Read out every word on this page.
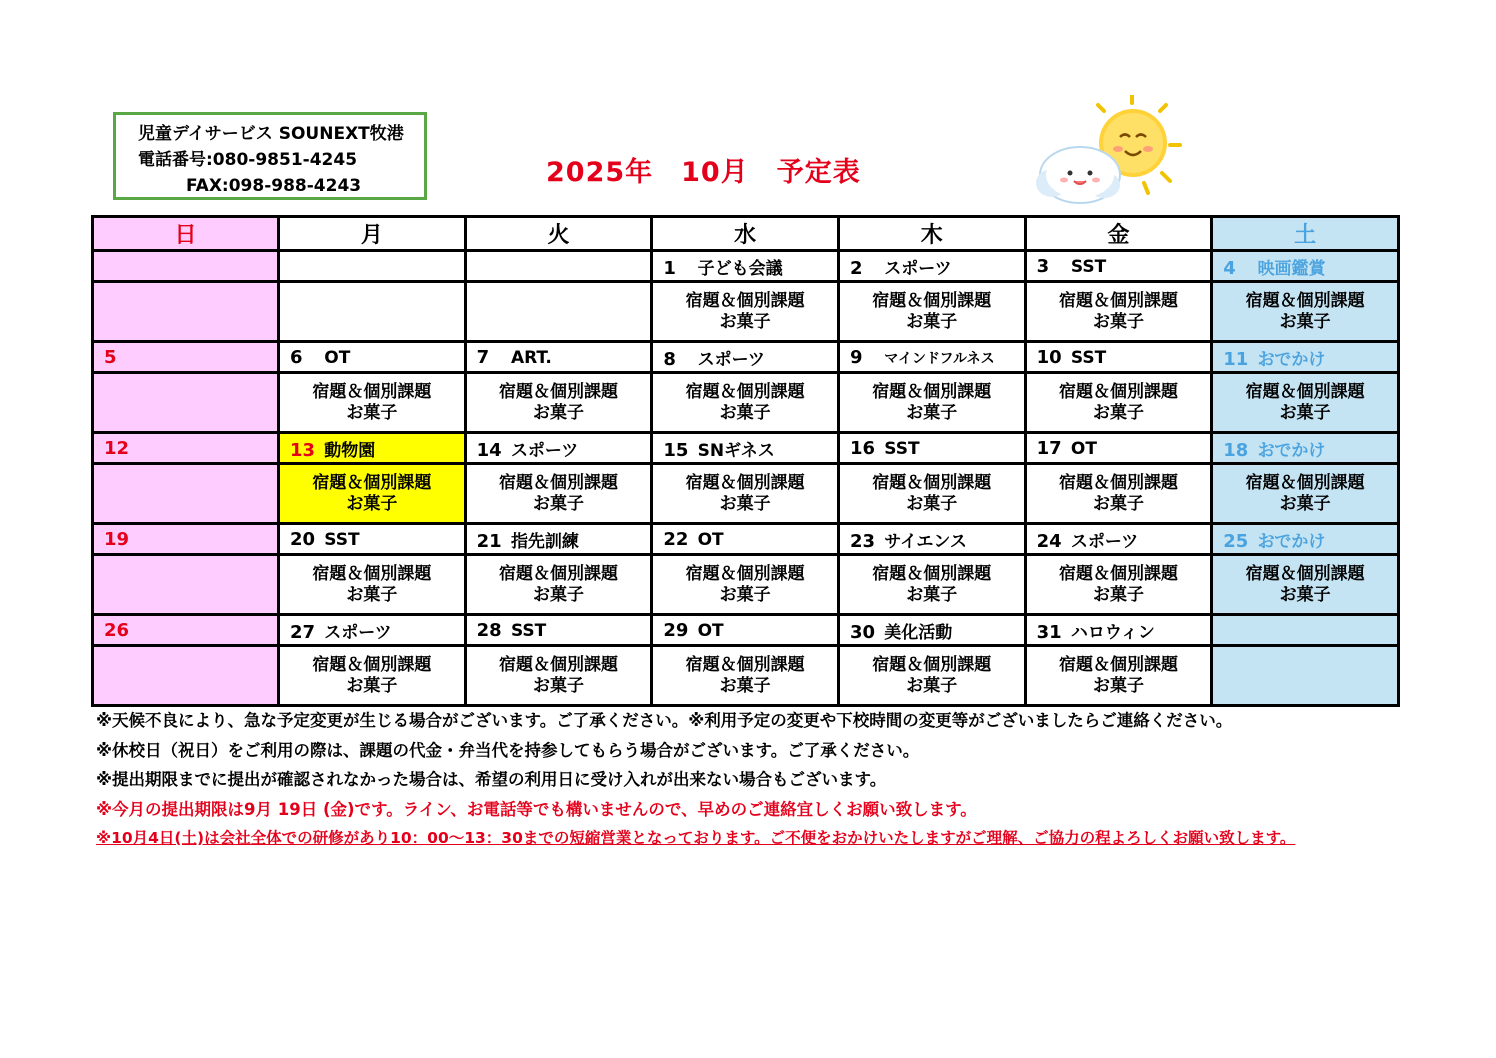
児童デイサービス SOUNEXT牧港
電話番号:080-9851-4245
FAX:098-988-4243	2025年　10月　予定表
日	月	火	水	木	金	土
			1 子ども会議	2 スポーツ	3 SST	4 映画鑑賞

			宿題＆個別課題
お菓子	宿題＆個別課題
お菓子	宿題＆個別課題
お菓子	宿題＆個別課題
お菓子

5	6 OT	7 ART.	8 スポーツ	9 マインドフルネス	10 SST	11 おでかけ

	宿題＆個別課題
お菓子	宿題＆個別課題
お菓子	宿題＆個別課題
お菓子	宿題＆個別課題
お菓子	宿題＆個別課題
お菓子	宿題＆個別課題
お菓子

12	13 動物園	14 スポーツ	15 SNギネス	16 SST	17 OT	18 おでかけ

	宿題＆個別課題
お菓子	宿題＆個別課題
お菓子	宿題＆個別課題
お菓子	宿題＆個別課題
お菓子	宿題＆個別課題
お菓子	宿題＆個別課題
お菓子

19	20 SST	21 指先訓練	22 OT	23 サイエンス	24 スポーツ	25 おでかけ

	宿題＆個別課題
お菓子	宿題＆個別課題
お菓子	宿題＆個別課題
お菓子	宿題＆個別課題
お菓子	宿題＆個別課題
お菓子	宿題＆個別課題
お菓子

26	27 スポーツ	28 SST	29 OT	30 美化活動	31 ハロウィン	

	宿題＆個別課題
お菓子	宿題＆個別課題
お菓子	宿題＆個別課題
お菓子	宿題＆個別課題
お菓子	宿題＆個別課題
お菓子	

※天候不良により、急な予定変更が生じる場合がございます。ご了承ください。※利用予定の変更や下校時間の変更等がございましたらご連絡ください。
※休校日（祝日）をご利用の際は、課題の代金・弁当代を持参してもらう場合がございます。ご了承ください。
※提出期限までに提出が確認されなかった場合は、希望の利用日に受け入れが出来ない場合もございます。
※今月の提出期限は9月 19日 (金)です。ライン、お電話等でも構いませんので、早めのご連絡宜しくお願い致します。
※10月4日(土)は会社全体での研修があり10：00～13：30までの短縮営業となっております。ご不便をおかけいたしますがご理解、ご協力の程よろしくお願い致します。
